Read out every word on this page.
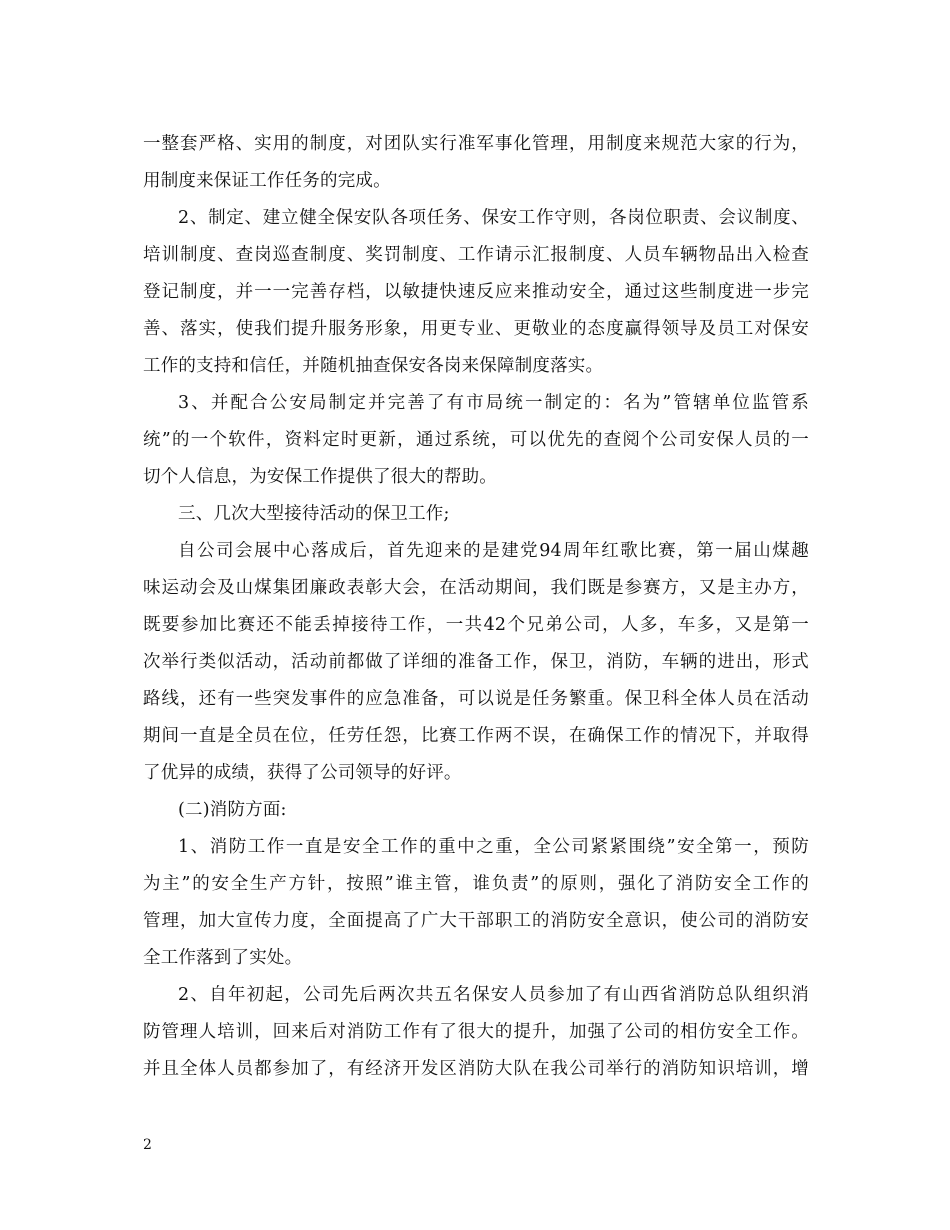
一整套严格、实用的制度，对团队实行准军事化管理，用制度来规范大家的行为，
用制度来保证工作任务的完成。
2、制定、建立健全保安队各项任务、保安工作守则，各岗位职责、会议制度、
培训制度、查岗巡查制度、奖罚制度、工作请示汇报制度、人员车辆物品出入检查
登记制度，并一一完善存档，以敏捷快速反应来推动安全，通过这些制度进一步完
善、落实，使我们提升服务形象，用更专业、更敬业的态度赢得领导及员工对保安
工作的支持和信任，并随机抽查保安各岗来保障制度落实。
3、并配合公安局制定并完善了有市局统一制定的：名为”管辖单位监管系
统”的一个软件，资料定时更新，通过系统，可以优先的查阅个公司安保人员的一
切个人信息，为安保工作提供了很大的帮助。
三、几次大型接待活动的保卫工作;
自公司会展中心落成后，首先迎来的是建党94周年红歌比赛，第一届山煤趣
味运动会及山煤集团廉政表彰大会，在活动期间，我们既是参赛方，又是主办方，
既要参加比赛还不能丢掉接待工作，一共42个兄弟公司，人多，车多，又是第一
次举行类似活动，活动前都做了详细的准备工作，保卫，消防，车辆的进出，形式
路线，还有一些突发事件的应急准备，可以说是任务繁重。保卫科全体人员在活动
期间一直是全员在位，任劳任怨，比赛工作两不误，在确保工作的情况下，并取得
了优异的成绩，获得了公司领导的好评。
(二)消防方面:
1、消防工作一直是安全工作的重中之重，全公司紧紧围绕”安全第一，预防
为主”的安全生产方针，按照”谁主管，谁负责”的原则，强化了消防安全工作的
管理，加大宣传力度，全面提高了广大干部职工的消防安全意识，使公司的消防安
全工作落到了实处。
2、自年初起，公司先后两次共五名保安人员参加了有山西省消防总队组织消
防管理人培训，回来后对消防工作有了很大的提升，加强了公司的相仿安全工作。
并且全体人员都参加了，有经济开发区消防大队在我公司举行的消防知识培训，增
2
